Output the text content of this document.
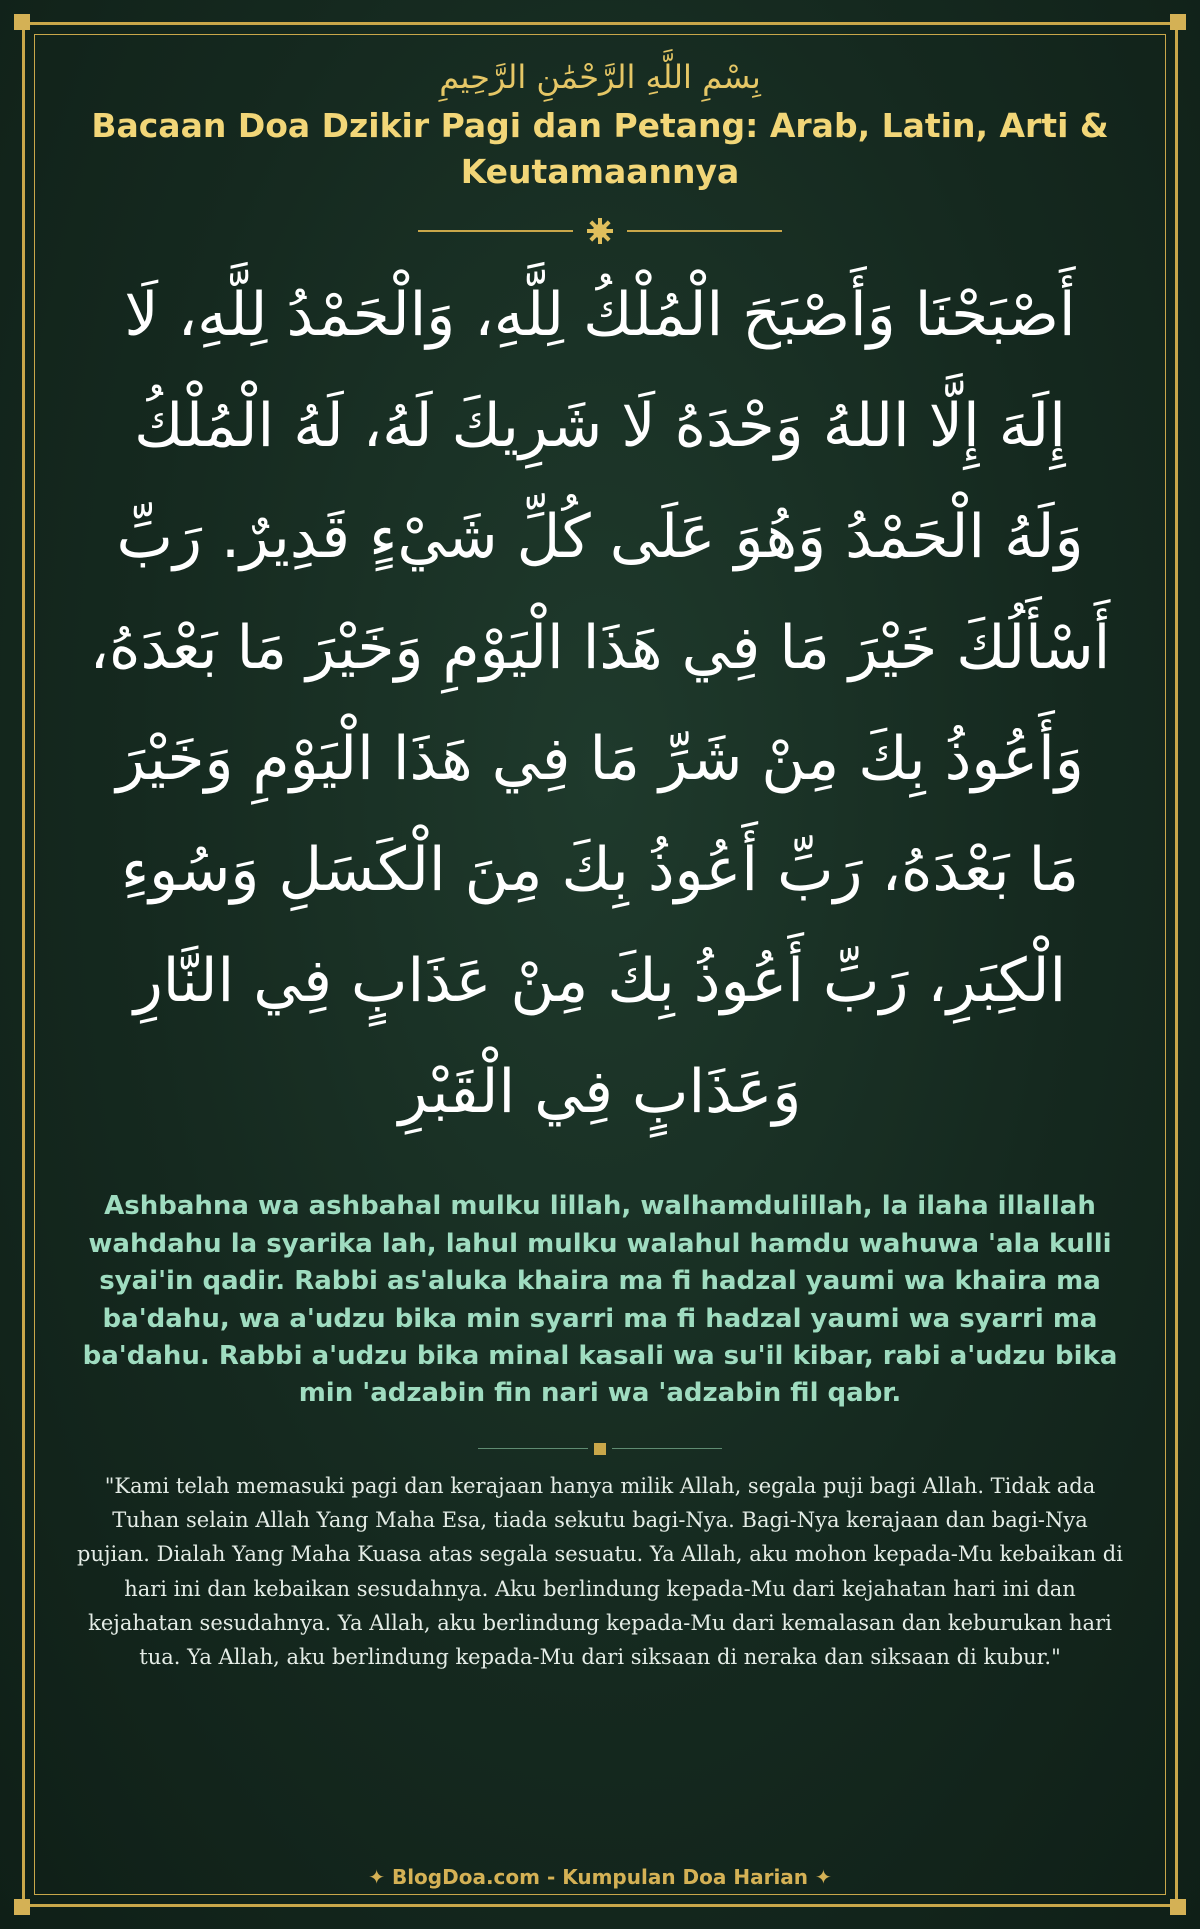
بِسْمِ اللَّهِ الرَّحْمَٰنِ الرَّحِيمِ
Bacaan Doa Dzikir Pagi dan Petang: Arab, Latin, Arti & Keutamaannya
أَصْبَحْنَا وَأَصْبَحَ الْمُلْكُ لِلَّهِ، وَالْحَمْدُ لِلَّهِ، لَا إِلَهَ إِلَّا اللهُ وَحْدَهُ لَا شَرِيكَ لَهُ، لَهُ الْمُلْكُ وَلَهُ الْحَمْدُ وَهُوَ عَلَى كُلِّ شَيْءٍ قَدِيرٌ. رَبِّ أَسْأَلُكَ خَيْرَ مَا فِي هَذَا الْيَوْمِ وَخَيْرَ مَا بَعْدَهُ، وَأَعُوذُ بِكَ مِنْ شَرِّ مَا فِي هَذَا الْيَوْمِ وَخَيْرَ مَا بَعْدَهُ، رَبِّ أَعُوذُ بِكَ مِنَ الْكَسَلِ وَسُوءِ الْكِبَرِ، رَبِّ أَعُوذُ بِكَ مِنْ عَذَابٍ فِي النَّارِ وَعَذَابٍ فِي الْقَبْرِ
Ashbahna wa ashbahal mulku lillah, walhamdulillah, la ilaha illallah wahdahu la syarika lah, lahul mulku walahul hamdu wahuwa 'ala kulli syai'in qadir. Rabbi as'aluka khaira ma fi hadzal yaumi wa khaira ma ba'dahu, wa a'udzu bika min syarri ma fi hadzal yaumi wa syarri ma ba'dahu. Rabbi a'udzu bika minal kasali wa su'il kibar, rabi a'udzu bika min 'adzabin fin nari wa 'adzabin fil qabr.
"Kami telah memasuki pagi dan kerajaan hanya milik Allah, segala puji bagi Allah. Tidak ada Tuhan selain Allah Yang Maha Esa, tiada sekutu bagi-Nya. Bagi-Nya kerajaan dan bagi-Nya pujian. Dialah Yang Maha Kuasa atas segala sesuatu. Ya Allah, aku mohon kepada-Mu kebaikan di hari ini dan kebaikan sesudahnya. Aku berlindung kepada-Mu dari kejahatan hari ini dan kejahatan sesudahnya. Ya Allah, aku berlindung kepada-Mu dari kemalasan dan keburukan hari tua. Ya Allah, aku berlindung kepada-Mu dari siksaan di neraka dan siksaan di kubur."
✦ BlogDoa.com - Kumpulan Doa Harian ✦
